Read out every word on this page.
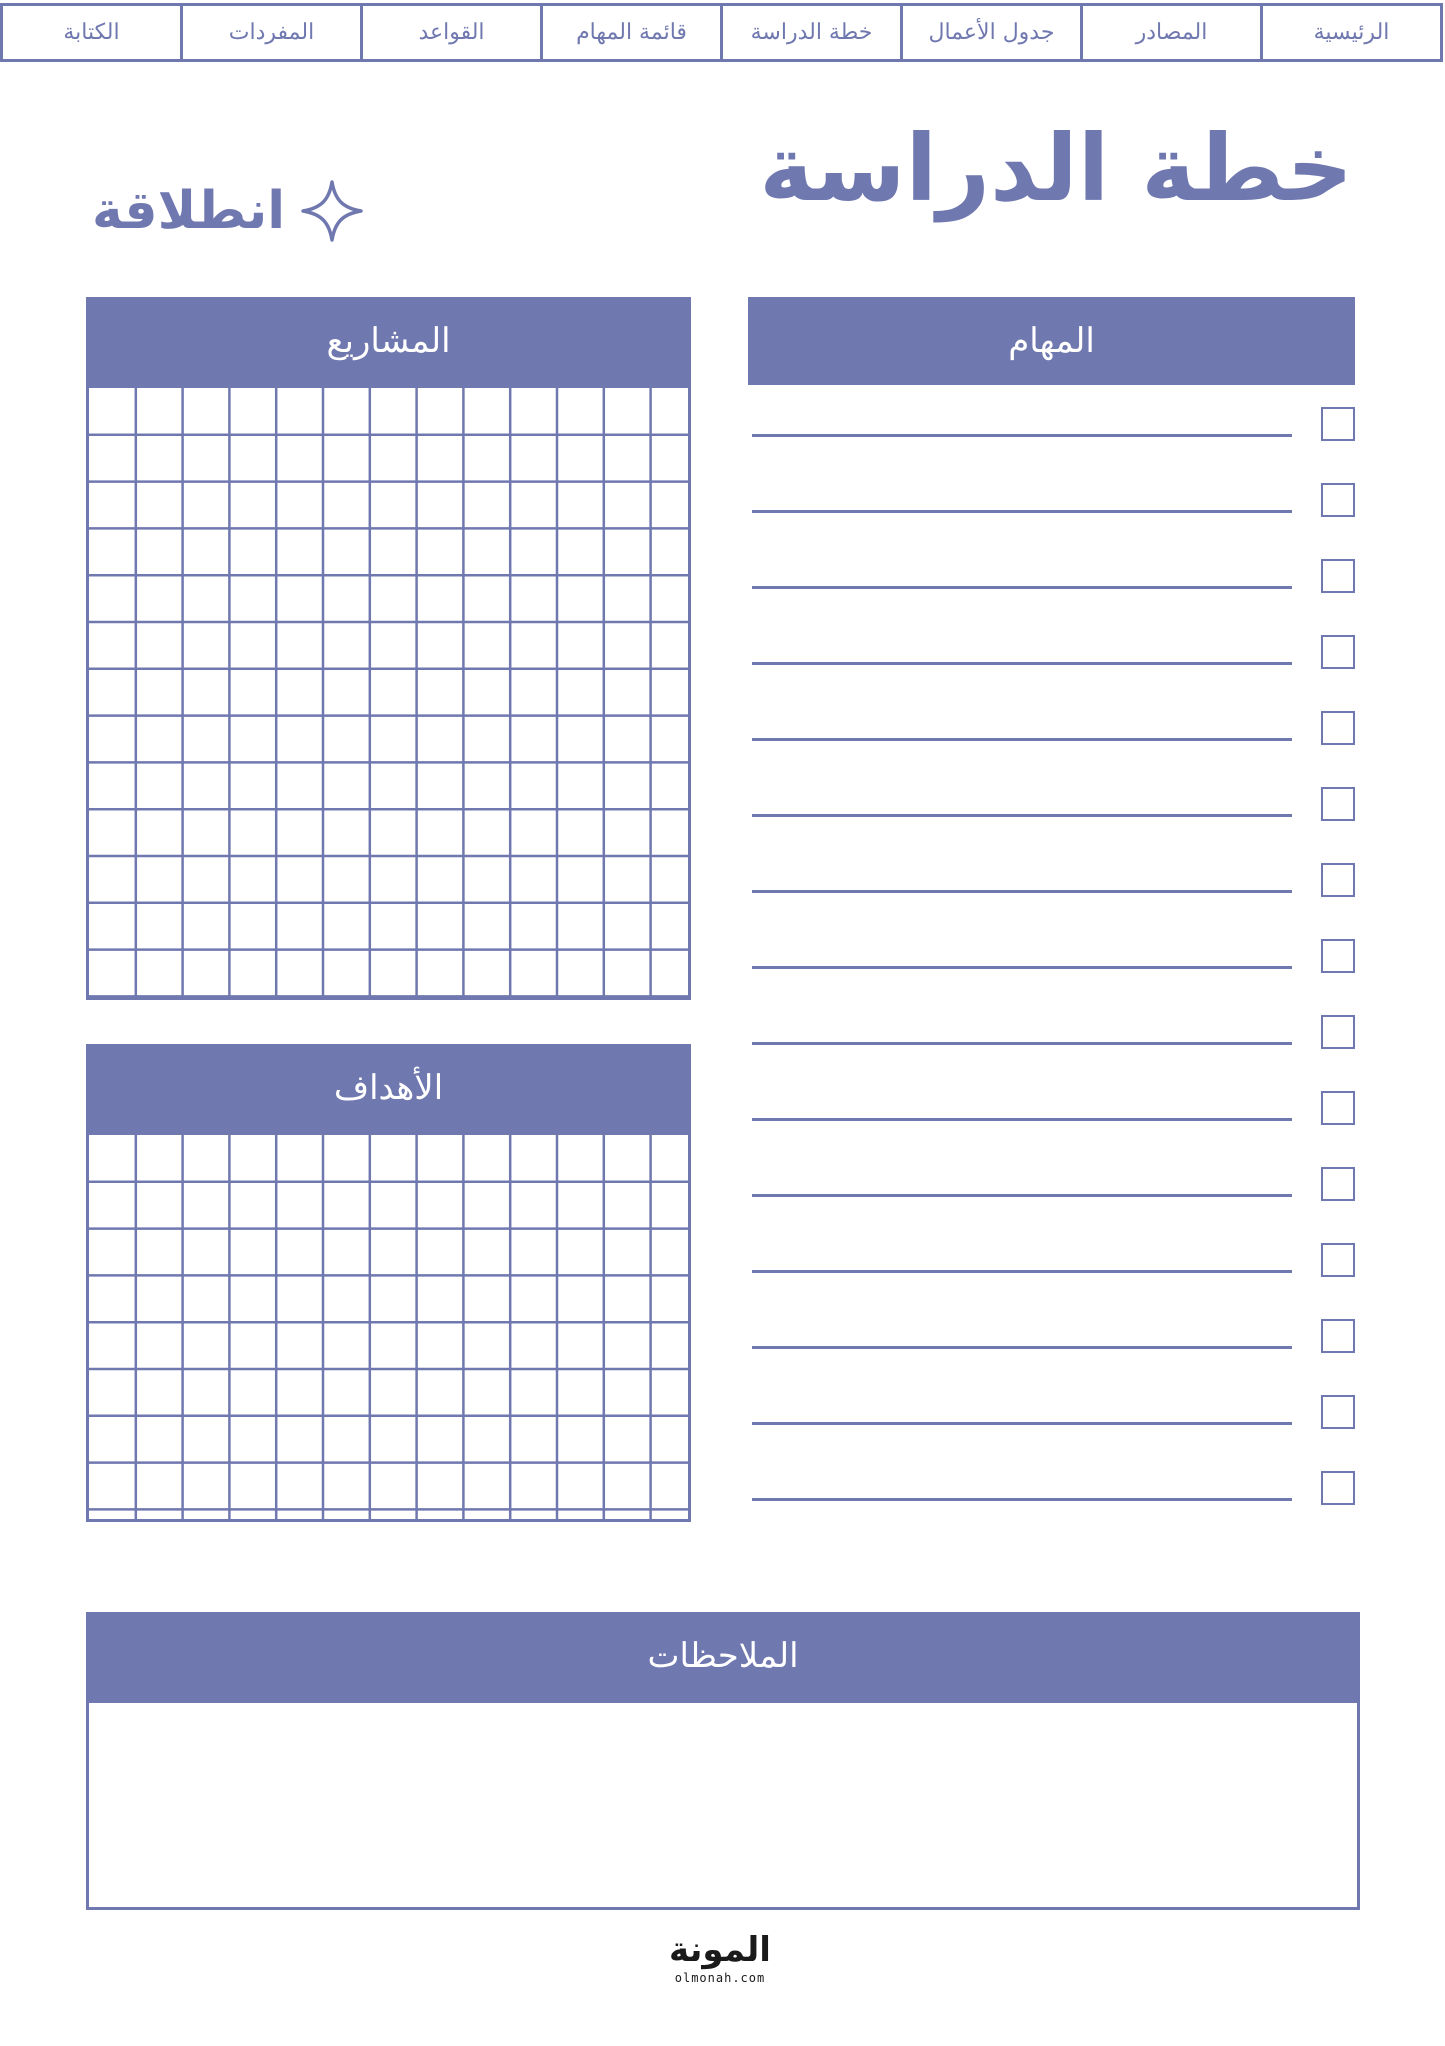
الرئيسية
المصادر
جدول الأعمال
خطة الدراسة
قائمة المهام
القواعد
المفردات
الكتابة
خطة الدراسة
انطلاقة
المهام
المشاريع
الأهداف
الملاحظات
المونة
olmonah.com
